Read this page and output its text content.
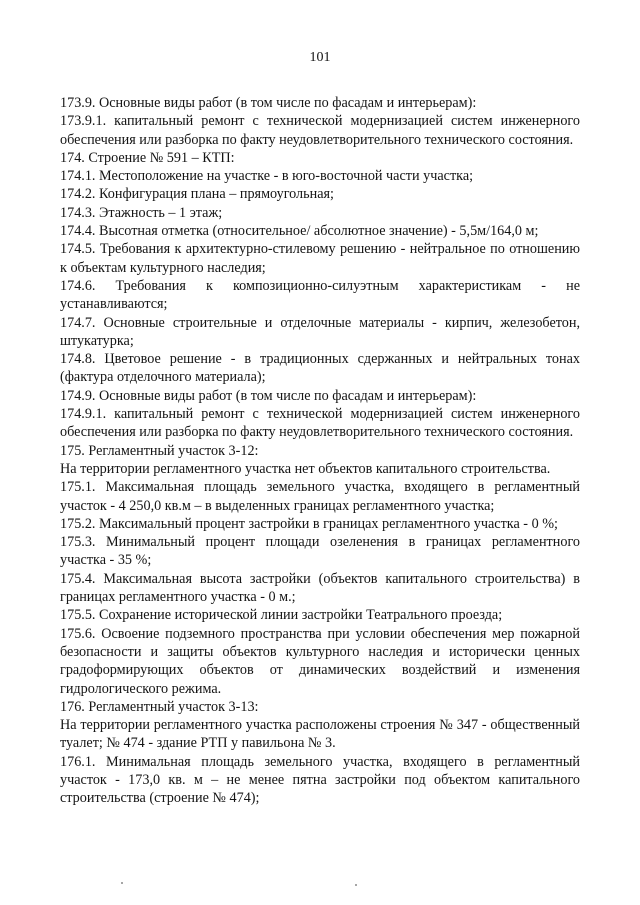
101

173.9. Основные виды работ (в том числе по фасадам и интерьерам):

173.9.1. капитальный ремонт с технической модернизацией систем инженерного обеспечения или разборка по факту неудовлетворительного технического состояния.

174. Строение № 591 – КТП:

174.1. Местоположение на участке - в юго-восточной части участка;

174.2. Конфигурация плана – прямоугольная;

174.3. Этажность – 1 этаж;

174.4. Высотная отметка (относительное/ абсолютное значение) - 5,5м/164,0 м;

174.5. Требования к архитектурно-стилевому решению - нейтральное по отношению к объектам культурного наследия;

174.6. Требования к композиционно-силуэтным характеристикам - не устанавливаются;

174.7. Основные строительные и отделочные материалы - кирпич, железобетон, штукатурка;

174.8. Цветовое решение - в традиционных сдержанных и нейтральных тонах (фактура отделочного материала);

174.9. Основные виды работ (в том числе по фасадам и интерьерам):

174.9.1. капитальный ремонт с технической модернизацией систем инженерного обеспечения или разборка по факту неудовлетворительного технического состояния.

175. Регламентный участок 3-12:

На территории регламентного участка нет объектов капитального строительства.

175.1. Максимальная площадь земельного участка, входящего в регламентный участок - 4 250,0 кв.м – в выделенных границах регламентного участка;

175.2. Максимальный процент застройки в границах регламентного участка - 0 %;

175.3. Минимальный процент площади озеленения в границах регламентного участка - 35 %;

175.4. Максимальная высота застройки (объектов капитального строительства) в границах регламентного участка - 0 м.;

175.5. Сохранение исторической линии застройки Театрального проезда;

175.6. Освоение подземного пространства при условии обеспечения мер пожарной безопасности и защиты объектов культурного наследия и исторически ценных градоформирующих объектов от динамических воздействий и изменения гидрологического режима.

176. Регламентный участок 3-13:

На территории регламентного участка расположены строения № 347 - общественный туалет; № 474 - здание РТП у павильона № 3.

176.1. Минимальная площадь земельного участка, входящего в регламентный участок - 173,0 кв. м – не менее пятна застройки под объектом капитального строительства (строение № 474);
